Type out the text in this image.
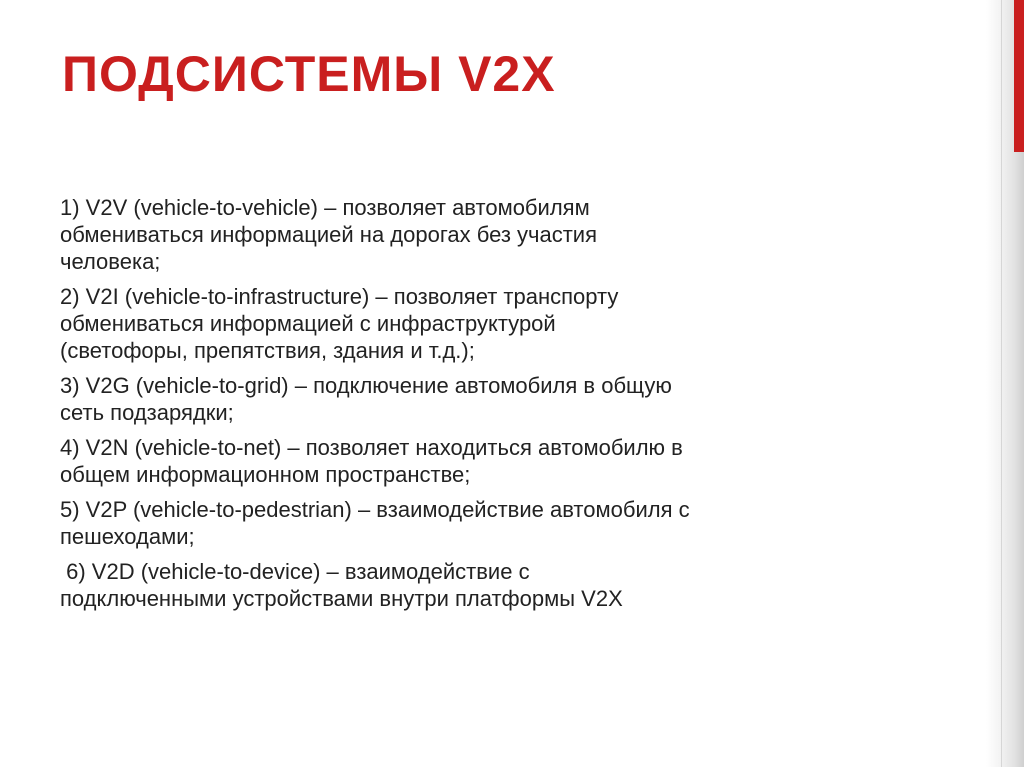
ПОДСИСТЕМЫ V2X
1) V2V (vehicle-to-vehicle) – позволяет автомобилям
обмениваться информацией на дорогах без участия
человека;
2) V2I (vehicle-to-infrastructure) – позволяет транспорту
обмениваться информацией с инфраструктурой
(светофоры, препятствия, здания и т.д.);
3) V2G (vehicle-to-grid) – подключение автомобиля в общую
сеть подзарядки;
4) V2N (vehicle-to-net) – позволяет находиться автомобилю в
общем информационном пространстве;
5) V2P (vehicle-to-pedestrian) – взаимодействие автомобиля с
пешеходами;
6) V2D (vehicle-to-device) – взаимодействие с
подключенными устройствами внутри платформы V2X
